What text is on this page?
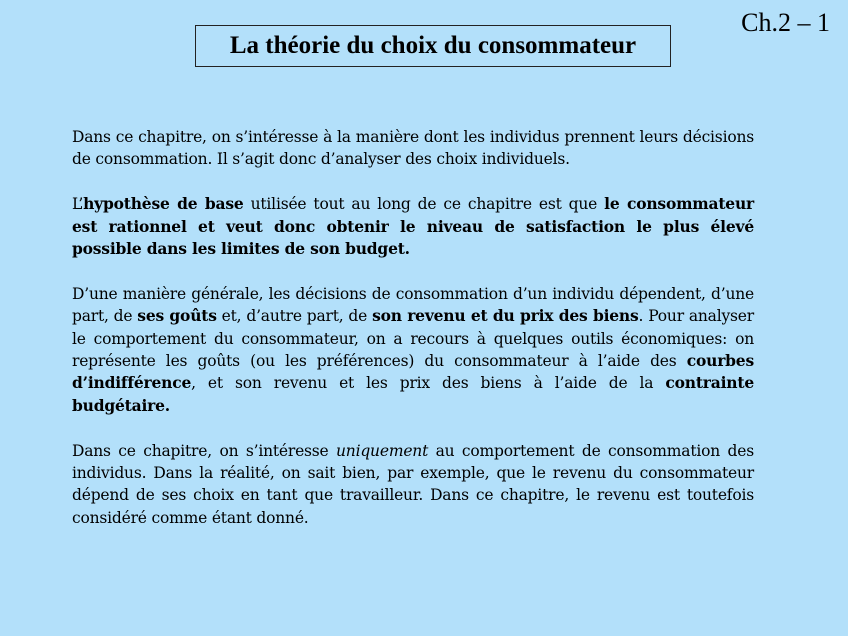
Ch.2 – 1
La théorie du choix du consommateur

Dans ce chapitre, on s’intéresse à la manière dont les individus prennent leurs décisions de consommation. Il s’agit donc d’analyser des choix individuels.

L’hypothèse de base utilisée tout au long de ce chapitre est que le consommateur est rationnel et veut donc obtenir le niveau de satisfaction le plus élevé possible dans les limites de son budget.

D’une manière générale, les décisions de consommation d’un individu dépendent, d’une part, de ses goûts et, d’autre part, de son revenu et du prix des biens. Pour analyser le comportement du consommateur, on a recours à quelques outils économiques: on représente les goûts (ou les préférences) du consommateur à l’aide des courbes d’indifférence, et son revenu et les prix des biens à l’aide de la contrainte budgétaire.

Dans ce chapitre, on s’intéresse uniquement au comportement de consommation des individus. Dans la réalité, on sait bien, par exemple, que le revenu du consommateur dépend de ses choix en tant que travailleur. Dans ce chapitre, le revenu est toutefois considéré comme étant donné.
